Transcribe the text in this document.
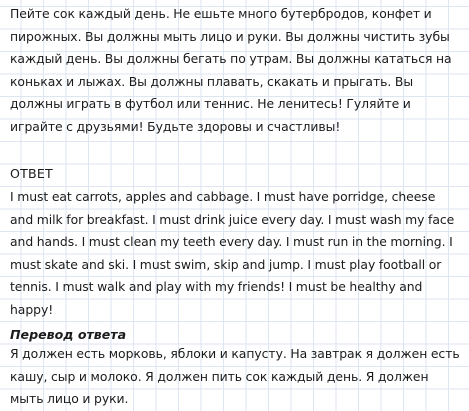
Пейте сок каждый день. Не ешьте много бутербродов, конфет и пирожных. Вы должны мыть лицо и руки. Вы должны чистить зубы каждый день. Вы должны бегать по утрам. Вы должны кататься на коньках и лыжах. Вы должны плавать, скакать и прыгать. Вы должны играть в футбол или теннис. Не ленитесь! Гуляйте и играйте с друзьями! Будьте здоровы и счастливы!

ОТВЕТ

I must eat carrots, apples and cabbage. I must have porridge, cheese and milk for breakfast. I must drink juice every day. I must wash my face and hands. I must clean my teeth every day. I must run in the morning. I must skate and ski. I must swim, skip and jump. I must play football or tennis. I must walk and play with my friends! I must be healthy and happy!

Перевод ответа

Я должен есть морковь, яблоки и капусту. На завтрак я должен есть кашу, сыр и молоко. Я должен пить сок каждый день. Я должен мыть лицо и руки.
